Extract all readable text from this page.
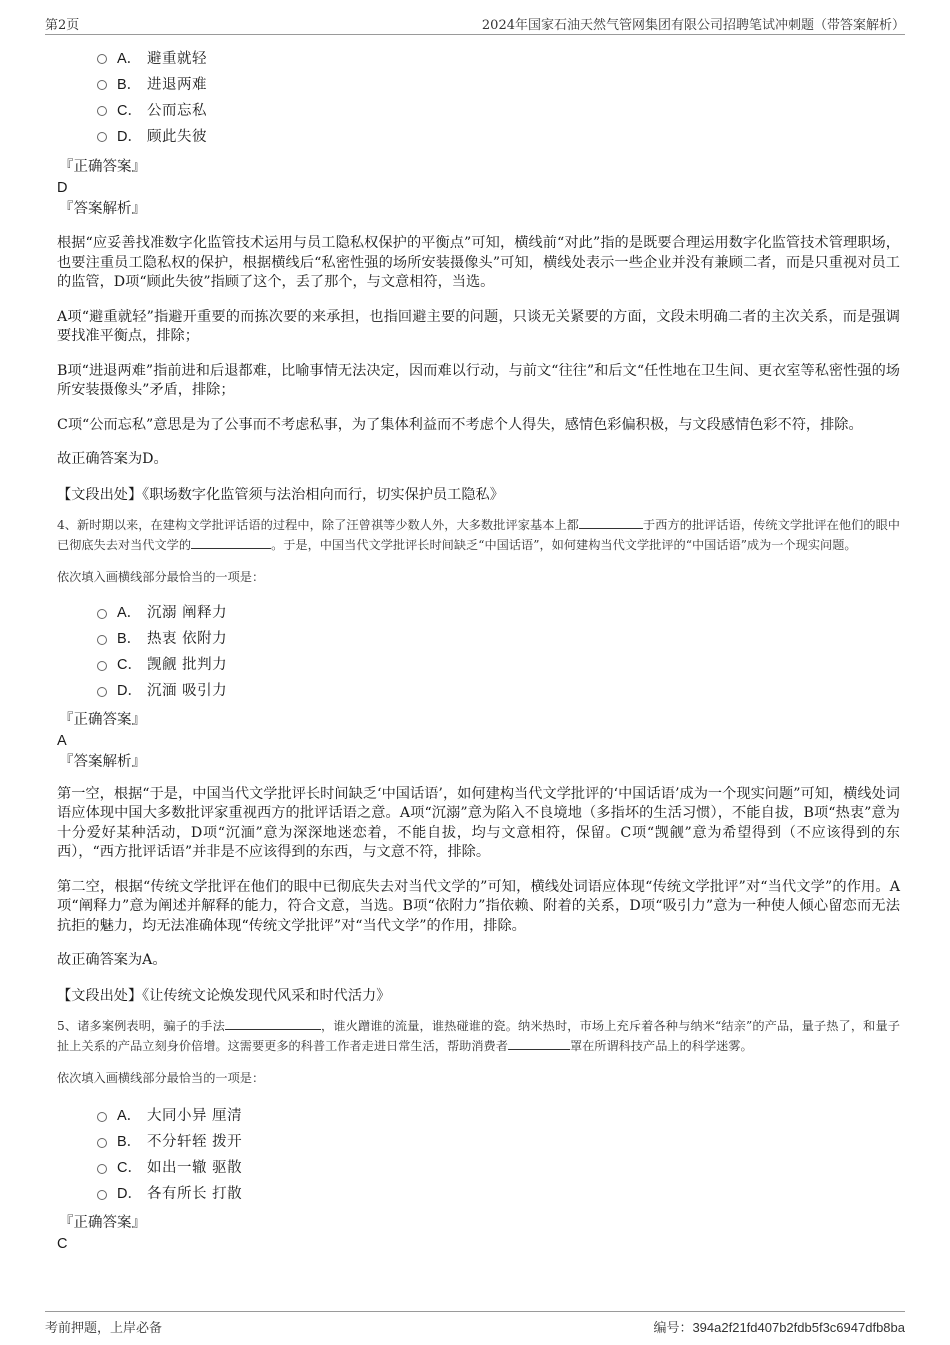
第2页	2024年国家石油天然气管网集团有限公司招聘笔试冲刺题（带答案解析）
A． 避重就轻
B． 进退两难
C． 公而忘私
D． 顾此失彼
『正确答案』
D
『答案解析』

根据“应妥善找准数字化监管技术运用与员工隐私权保护的平衡点”可知，横线前“对此”指的是既要合理运用数字化监管技术管理职场，也要注重员工隐私权的保护，根据横线后“私密性强的场所安装摄像头”可知，横线处表示一些企业并没有兼顾二者，而是只重视对员工的监管，D项“顾此失彼”指顾了这个，丢了那个，与文意相符，当选。

A项“避重就轻”指避开重要的而拣次要的来承担，也指回避主要的问题，只谈无关紧要的方面，文段未明确二者的主次关系，而是强调要找准平衡点，排除；

B项“进退两难”指前进和后退都难，比喻事情无法决定，因而难以行动，与前文“往往”和后文“任性地在卫生间、更衣室等私密性强的场所安装摄像头”矛盾，排除；

C项“公而忘私”意思是为了公事而不考虑私事，为了集体利益而不考虑个人得失，感情色彩偏积极，与文段感情色彩不符，排除。

故正确答案为D。

【文段出处】《职场数字化监管须与法治相向而行，切实保护员工隐私》

4、新时期以来，在建构文学批评话语的过程中，除了汪曾祺等少数人外，大多数批评家基本上都	于西方的批评话语，传统文学批评在他们的眼中已彻底失去对当代文学的	。于是，中国当代文学批评长时间缺乏“中国话语”，如何建构当代文学批评的“中国话语”成为一个现实问题。

依次填入画横线部分最恰当的一项是：

A． 沉溺 阐释力
B． 热衷 依附力
C． 觊觎 批判力
D． 沉湎 吸引力
『正确答案』
A
『答案解析』

第一空，根据“于是，中国当代文学批评长时间缺乏‘中国话语’，如何建构当代文学批评的‘中国话语’成为一个现实问题”可知，横线处词语应体现中国大多数批评家重视西方的批评话语之意。A项“沉溺”意为陷入不良境地（多指坏的生活习惯），不能自拔，B项“热衷”意为十分爱好某种活动，D项“沉湎”意为深深地迷恋着，不能自拔，均与文意相符，保留。C项“觊觎”意为希望得到（不应该得到的东西），“西方批评话语”并非是不应该得到的东西，与文意不符，排除。

第二空，根据“传统文学批评在他们的眼中已彻底失去对当代文学的”可知，横线处词语应体现“传统文学批评”对“当代文学”的作用。A项“阐释力”意为阐述并解释的能力，符合文意，当选。B项“依附力”指依赖、附着的关系，D项“吸引力”意为一种使人倾心留恋而无法抗拒的魅力，均无法准确体现“传统文学批评”对“当代文学”的作用，排除。

故正确答案为A。

【文段出处】《让传统文论焕发现代风采和时代活力》

5、诸多案例表明，骗子的手法	，谁火蹭谁的流量，谁热碰谁的瓷。纳米热时，市场上充斥着各种与纳米“结亲”的产品，量子热了，和量子扯上关系的产品立刻身价倍增。这需要更多的科普工作者走进日常生活，帮助消费者	罩在所谓科技产品上的科学迷雾。

依次填入画横线部分最恰当的一项是：

A． 大同小异 厘清
B． 不分轩轾 拨开
C． 如出一辙 驱散
D． 各有所长 打散
『正确答案』
C
考前押题，上岸必备	编号：394a2f21fd407b2fdb5f3c6947dfb8ba
